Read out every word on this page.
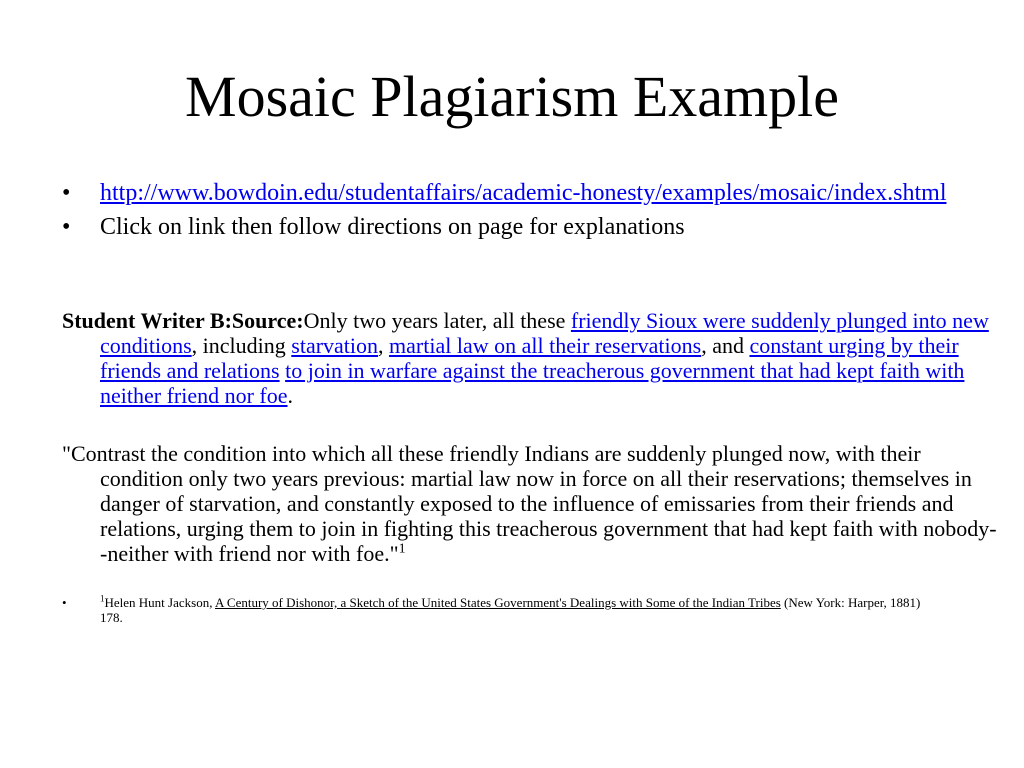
Mosaic Plagiarism Example
•	http://www.bowdoin.edu/studentaffairs/academic-honesty/examples/mosaic/index.shtml
•	Click on link then follow directions on page for explanations
Student Writer B:Source:Only two years later, all these friendly Sioux were suddenly plunged into new conditions, including starvation, martial law on all their reservations, and constant urging by their friends and relations to join in warfare against the treacherous government that had kept faith with neither friend nor foe.
"Contrast the condition into which all these friendly Indians are suddenly plunged now, with their condition only two years previous: martial law now in force on all their reservations; themselves in danger of starvation, and constantly exposed to the influence of emissaries from their friends and relations, urging them to join in fighting this treacherous government that had kept faith with nobody--neither with friend nor with foe."$^1$
•	$^1$Helen Hunt Jackson, A Century of Dishonor, a Sketch of the United States Government's Dealings with Some of the Indian Tribes (New York: Harper, 1881) 178.
